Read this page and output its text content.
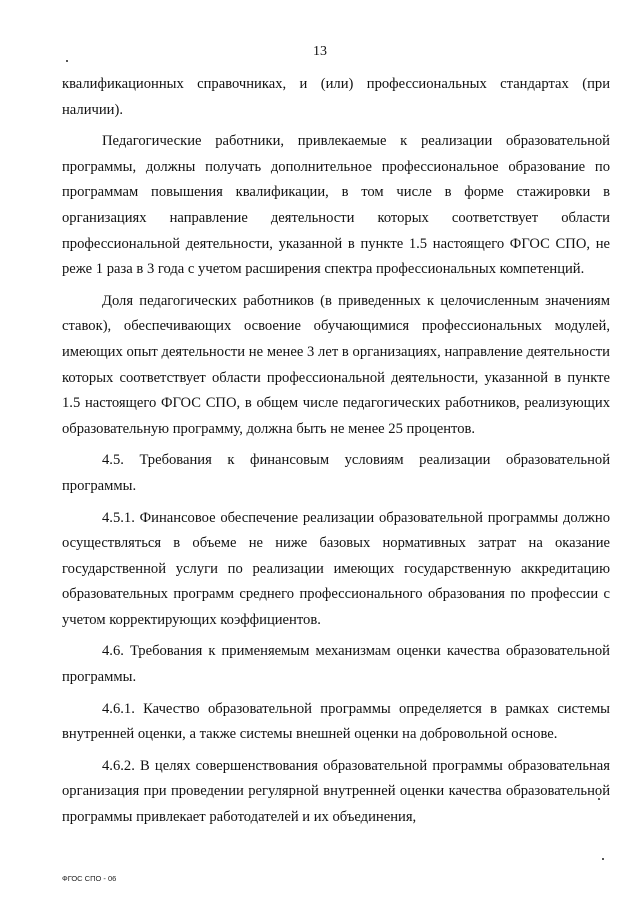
13

квалификационных справочниках, и (или) профессиональных стандартах (при наличии).

Педагогические работники, привлекаемые к реализации образовательной программы, должны получать дополнительное профессиональное образование по программам повышения квалификации, в том числе в форме стажировки в организациях направление деятельности которых соответствует области профессиональной деятельности, указанной в пункте 1.5 настоящего ФГОС СПО, не реже 1 раза в 3 года с учетом расширения спектра профессиональных компетенций.

Доля педагогических работников (в приведенных к целочисленным значениям ставок), обеспечивающих освоение обучающимися профессиональных модулей, имеющих опыт деятельности не менее 3 лет в организациях, направление деятельности которых соответствует области профессиональной деятельности, указанной в пункте 1.5 настоящего ФГОС СПО, в общем числе педагогических работников, реализующих образовательную программу, должна быть не менее 25 процентов.

4.5. Требования к финансовым условиям реализации образовательной программы.

4.5.1. Финансовое обеспечение реализации образовательной программы должно осуществляться в объеме не ниже базовых нормативных затрат на оказание государственной услуги по реализации имеющих государственную аккредитацию образовательных программ среднего профессионального образования по профессии с учетом корректирующих коэффициентов.

4.6. Требования к применяемым механизмам оценки качества образовательной программы.

4.6.1. Качество образовательной программы определяется в рамках системы внутренней оценки, а также системы внешней оценки на добровольной основе.

4.6.2. В целях совершенствования образовательной программы образовательная организация при проведении регулярной внутренней оценки качества образовательной программы привлекает работодателей и их объединения,

ФГОС СПО - 06
